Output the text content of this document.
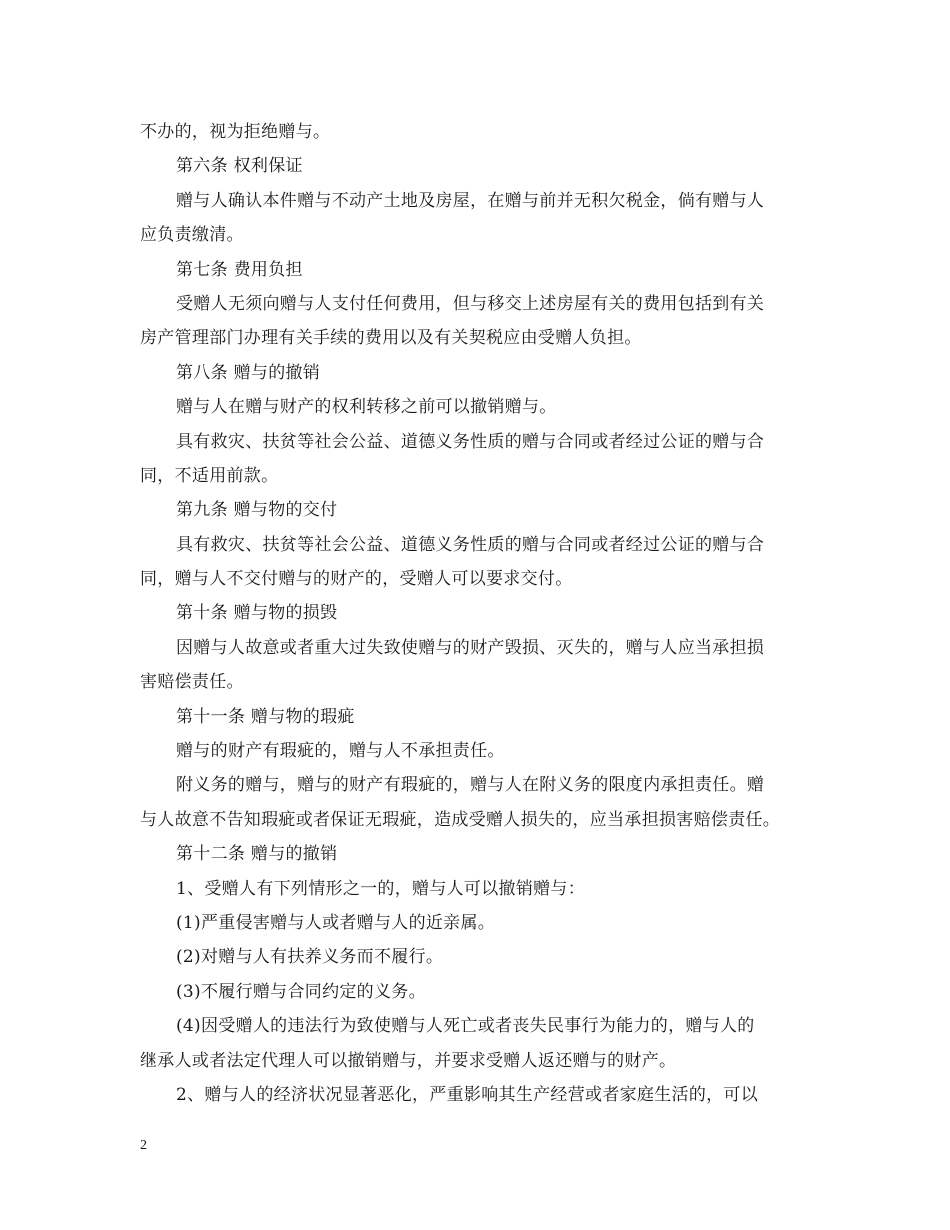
不办的，视为拒绝赠与。
第六条 权利保证
赠与人确认本件赠与不动产土地及房屋，在赠与前并无积欠税金，倘有赠与人
应负责缴清。
第七条 费用负担
受赠人无须向赠与人支付任何费用，但与移交上述房屋有关的费用包括到有关
房产管理部门办理有关手续的费用以及有关契税应由受赠人负担。
第八条 赠与的撤销
赠与人在赠与财产的权利转移之前可以撤销赠与。
具有救灾、扶贫等社会公益、道德义务性质的赠与合同或者经过公证的赠与合
同，不适用前款。
第九条 赠与物的交付
具有救灾、扶贫等社会公益、道德义务性质的赠与合同或者经过公证的赠与合
同，赠与人不交付赠与的财产的，受赠人可以要求交付。
第十条 赠与物的损毁
因赠与人故意或者重大过失致使赠与的财产毁损、灭失的，赠与人应当承担损
害赔偿责任。
第十一条 赠与物的瑕疵
赠与的财产有瑕疵的，赠与人不承担责任。
附义务的赠与，赠与的财产有瑕疵的，赠与人在附义务的限度内承担责任。赠
与人故意不告知瑕疵或者保证无瑕疵，造成受赠人损失的，应当承担损害赔偿责任。
第十二条 赠与的撤销
1、受赠人有下列情形之一的，赠与人可以撤销赠与：
(1)严重侵害赠与人或者赠与人的近亲属。
(2)对赠与人有扶养义务而不履行。
(3)不履行赠与合同约定的义务。
(4)因受赠人的违法行为致使赠与人死亡或者丧失民事行为能力的，赠与人的
继承人或者法定代理人可以撤销赠与，并要求受赠人返还赠与的财产。
2、赠与人的经济状况显著恶化，严重影响其生产经营或者家庭生活的，可以
2
